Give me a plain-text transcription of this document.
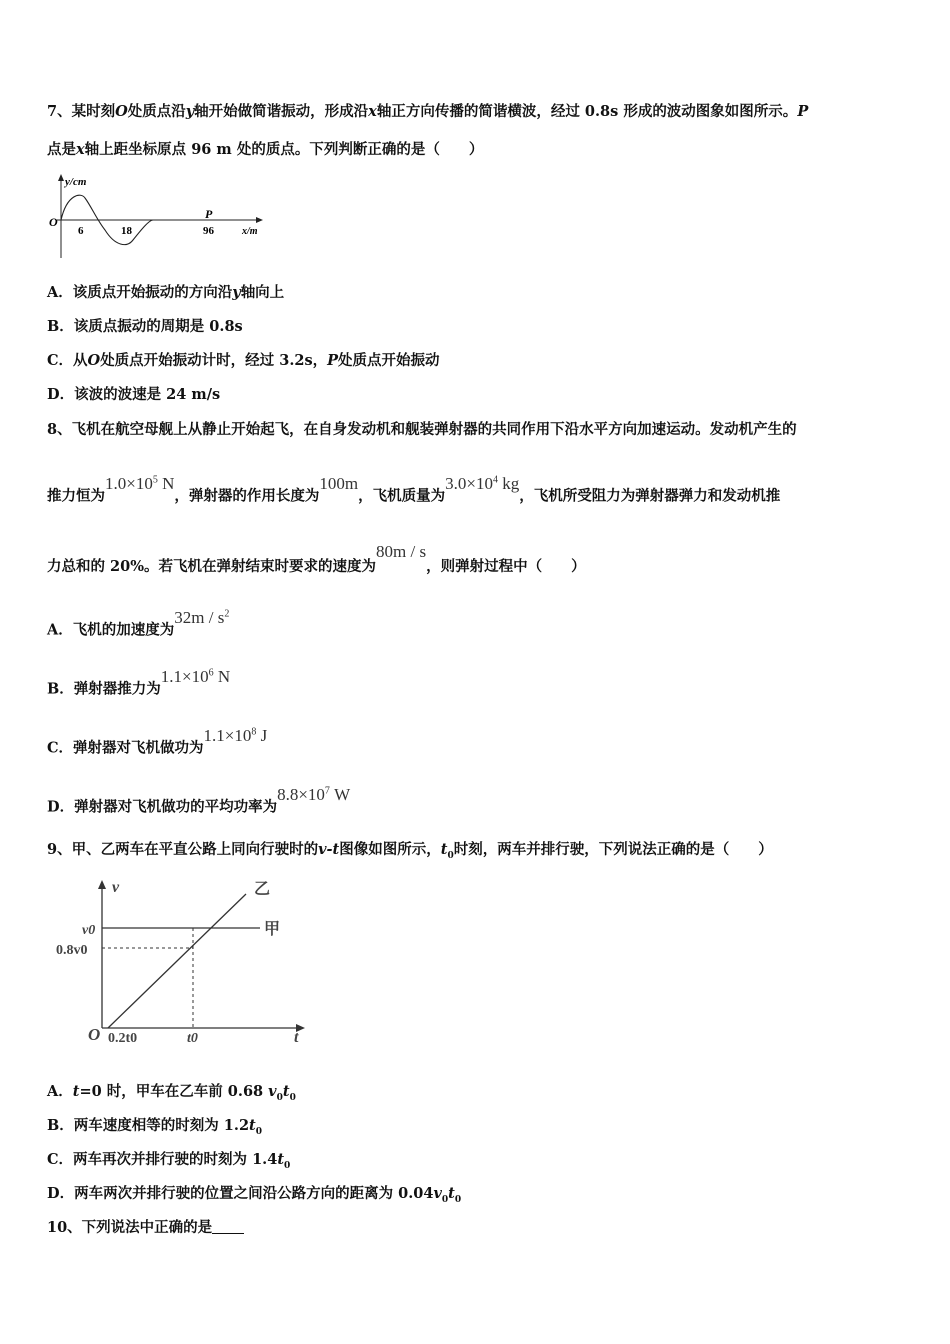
7、某时刻O处质点沿y轴开始做简谐振动，形成沿x轴正方向传播的简谐横波，经过 0.8s 形成的波动图象如图所示。P
点是x轴上距坐标原点 96 m 处的质点。下列判断正确的是（　　）
y/cm
O
6	18	96
P
x/m
A．该质点开始振动的方向沿y轴向上
B．该质点振动的周期是 0.8s
C．从O处质点开始振动计时，经过 3.2s，P处质点开始振动
D．该波的波速是 24 m/s
8、飞机在航空母舰上从静止开始起飞，在自身发动机和舰装弹射器的共同作用下沿水平方向加速运动。发动机产生的
推力恒为$1.0\times 10^5$ N，弹射器的作用长度为100m，飞机质量为$3.0\times 10^4$ kg，飞机所受阻力为弹射器弹力和发动机推
力总和的 20%。若飞机在弹射结束时要求的速度为80m / s，则弹射过程中（　　）
A．飞机的加速度为$32m / s^2$
B．弹射器推力为$1.1\times 10^6$ N
C．弹射器对飞机做功为$1.1\times 10^8$ J
D．弹射器对飞机做功的平均功率为$8.8\times 10^7$ W
9、甲、乙两车在平直公路上同向行驶时的v-t图像如图所示，$t_0$时刻，两车并排行驶，下列说法正确的是（　　）
v
v0
0.8v0
O 0.2t0	t0	t
甲
乙
A．t=0 时，甲车在乙车前 0.68 $v_0t_0$
B．两车速度相等的时刻为 $1.2t_0$
C．两车再次并排行驶的时刻为 $1.4t_0$
D．两车两次并排行驶的位置之间沿公路方向的距离为 $0.04v_0t_0$
10、下列说法中正确的是
